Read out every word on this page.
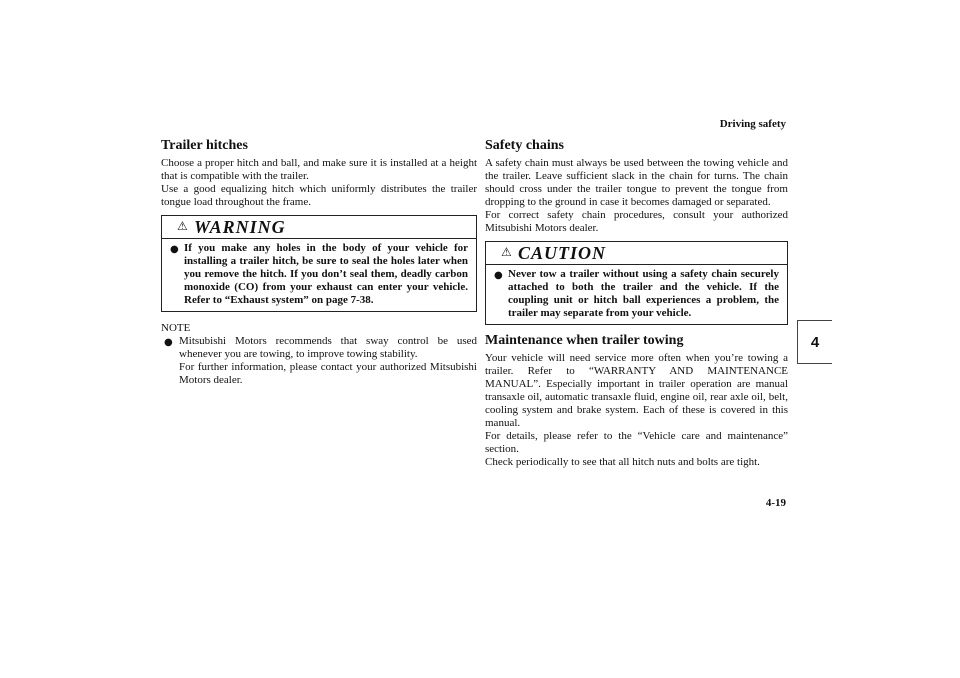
Driving safety
4
Trailer hitches

Choose a proper hitch and ball, and make sure it is installed at a height that is compatible with the trailer.

Use a good equalizing hitch which uniformly distributes the trailer tongue load throughout the frame.

⚠ WARNING
● If you make any holes in the body of your vehicle for installing a trailer hitch, be sure to seal the holes later when you remove the hitch. If you don’t seal them, deadly carbon monoxide (CO) from your exhaust can enter your vehicle. Refer to “Exhaust system” on page 7-38.
NOTE
● Mitsubishi Motors recommends that sway control be used whenever you are towing, to improve towing stability.
For further information, please contact your authorized Mitsubishi Motors dealer.
Safety chains

A safety chain must always be used between the towing vehicle and the trailer. Leave sufficient slack in the chain for turns. The chain should cross under the trailer tongue to prevent the tongue from dropping to the ground in case it becomes damaged or separated.

For correct safety chain procedures, consult your authorized Mitsubishi Motors dealer.

⚠ CAUTION
● Never tow a trailer without using a safety chain securely attached to both the trailer and the vehicle. If the coupling unit or hitch ball experiences a problem, the trailer may separate from your vehicle.
Maintenance when trailer towing

Your vehicle will need service more often when you’re towing a trailer. Refer to “WARRANTY AND MAINTENANCE MANUAL”. Especially important in trailer operation are manual transaxle oil, automatic transaxle fluid, engine oil, rear axle oil, belt, cooling system and brake system. Each of these is covered in this manual.

For details, please refer to the “Vehicle care and maintenance” section.

Check periodically to see that all hitch nuts and bolts are tight.

4-19
